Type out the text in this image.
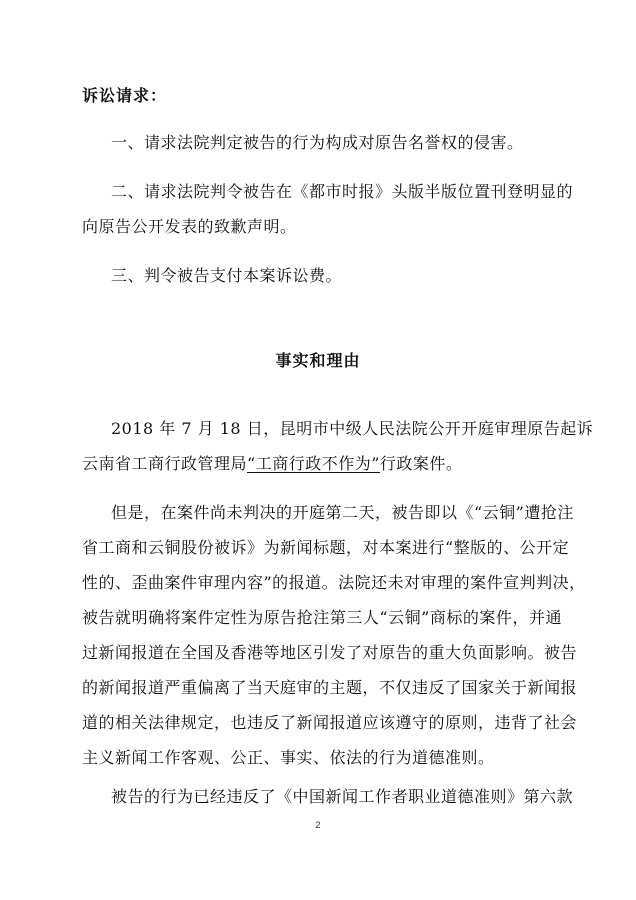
诉讼请求：
一、请求法院判定被告的行为构成对原告名誉权的侵害。
二、请求法院判令被告在《都市时报》头版半版位置刊登明显的
向原告公开发表的致歉声明。
三、判令被告支付本案诉讼费。
事实和理由
2018 年 7 月 18 日，昆明市中级人民法院公开开庭审理原告起诉
云南省工商行政管理局“工商行政不作为”行政案件。
但是，在案件尚未判决的开庭第二天，被告即以《“云铜”遭抢注
省工商和云铜股份被诉》为新闻标题，对本案进行“整版的、公开定
性的、歪曲案件审理内容”的报道。法院还未对审理的案件宣判判决，
被告就明确将案件定性为原告抢注第三人“云铜”商标的案件，并通
过新闻报道在全国及香港等地区引发了对原告的重大负面影响。被告
的新闻报道严重偏离了当天庭审的主题，不仅违反了国家关于新闻报
道的相关法律规定，也违反了新闻报道应该遵守的原则，违背了社会
主义新闻工作客观、公正、事实、依法的行为道德准则。
被告的行为已经违反了《中国新闻工作者职业道德准则》第六款
2
